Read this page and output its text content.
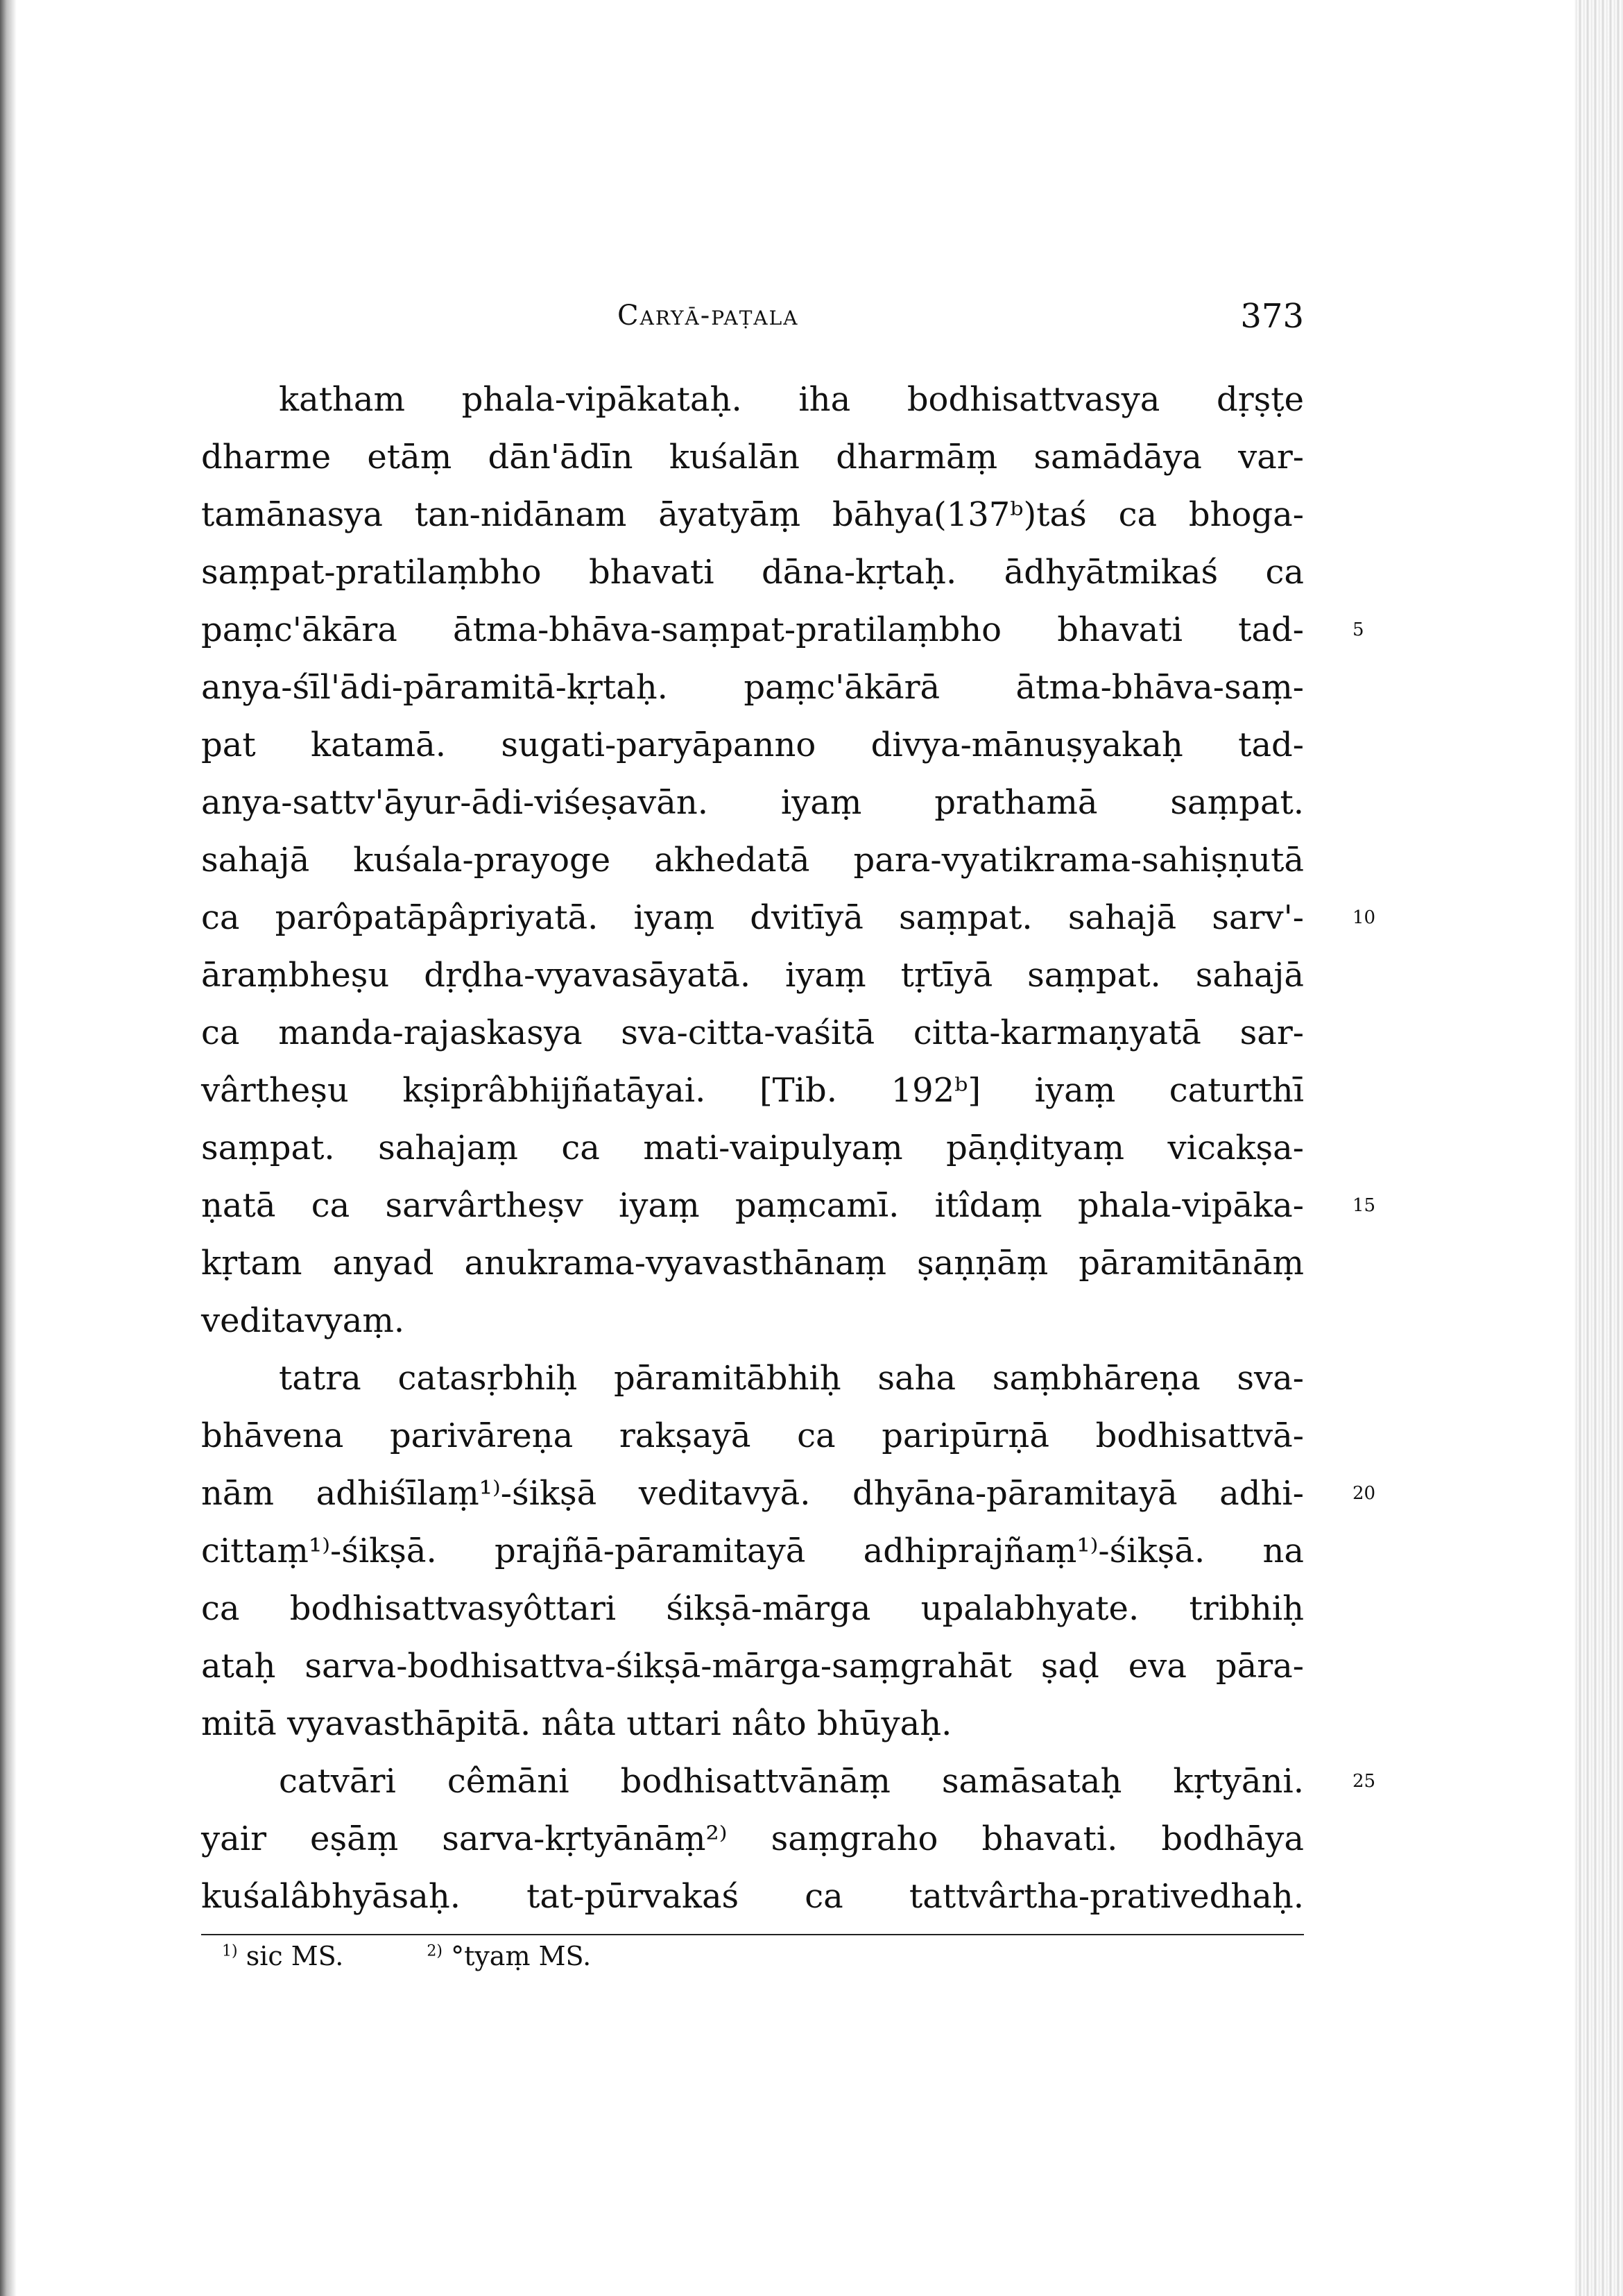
Caryā-paṭala	373
katham phala-vipākataḥ. iha bodhisattvasya dṛṣṭe
dharme etāṃ dān'ādīn kuśalān dharmāṃ samādāya var-
tamānasya tan-nidānam āyatyāṃ bāhya(137ᵇ)taś ca bhoga-
saṃpat-pratilaṃbho bhavati dāna-kṛtaḥ. ādhyātmikaś ca
paṃc'ākāra ātma-bhāva-saṃpat-pratilaṃbho bhavati tad-	5
anya-śīl'ādi-pāramitā-kṛtaḥ. paṃc'ākārā ātma-bhāva-saṃ-
pat katamā. sugati-paryāpanno divya-mānuṣyakaḥ tad-
anya-sattv'āyur-ādi-viśeṣavān. iyaṃ prathamā saṃpat.
sahajā kuśala-prayoge akhedatā para-vyatikrama-sahiṣṇutā
ca parôpatāpâpriyatā. iyaṃ dvitīyā saṃpat. sahajā sarv'-	10
āraṃbheṣu dṛḍha-vyavasāyatā. iyaṃ tṛtīyā saṃpat. sahajā
ca manda-rajaskasya sva-citta-vaśitā citta-karmaṇyatā sar-
vârtheṣu kṣiprâbhijñatāyai. [Tib. 192ᵇ] iyaṃ caturthī
saṃpat. sahajaṃ ca mati-vaipulyaṃ pāṇḍityaṃ vicakṣa-
ṇatā ca sarvârtheṣv iyaṃ paṃcamī. itîdaṃ phala-vipāka-	15
kṛtam anyad anukrama-vyavasthānaṃ ṣaṇṇāṃ pāramitānāṃ
veditavyaṃ.
tatra catasṛbhiḥ pāramitābhiḥ saha saṃbhāreṇa sva-
bhāvena parivāreṇa rakṣayā ca paripūrṇā bodhisattvā-
nām adhiśīlaṃ¹⁾-śikṣā veditavyā. dhyāna-pāramitayā adhi-	20
cittaṃ¹⁾-śikṣā. prajñā-pāramitayā adhiprajñaṃ¹⁾-śikṣā. na
ca bodhisattvasyôttari śikṣā-mārga upalabhyate. tribhiḥ
ataḥ sarva-bodhisattva-śikṣā-mārga-saṃgrahāt ṣaḍ eva pāra-
mitā vyavasthāpitā. nâta uttari nâto bhūyaḥ.
catvāri cêmāni bodhisattvānāṃ samāsataḥ kṛtyāni.	25
yair eṣāṃ sarva-kṛtyānāṃ²⁾ saṃgraho bhavati. bodhāya
kuśalâbhyāsaḥ. tat-pūrvakaś ca tattvârtha-prativedhaḥ.
$^{1)}$ sic MS.	$^{2)}$ °tyaṃ MS.
